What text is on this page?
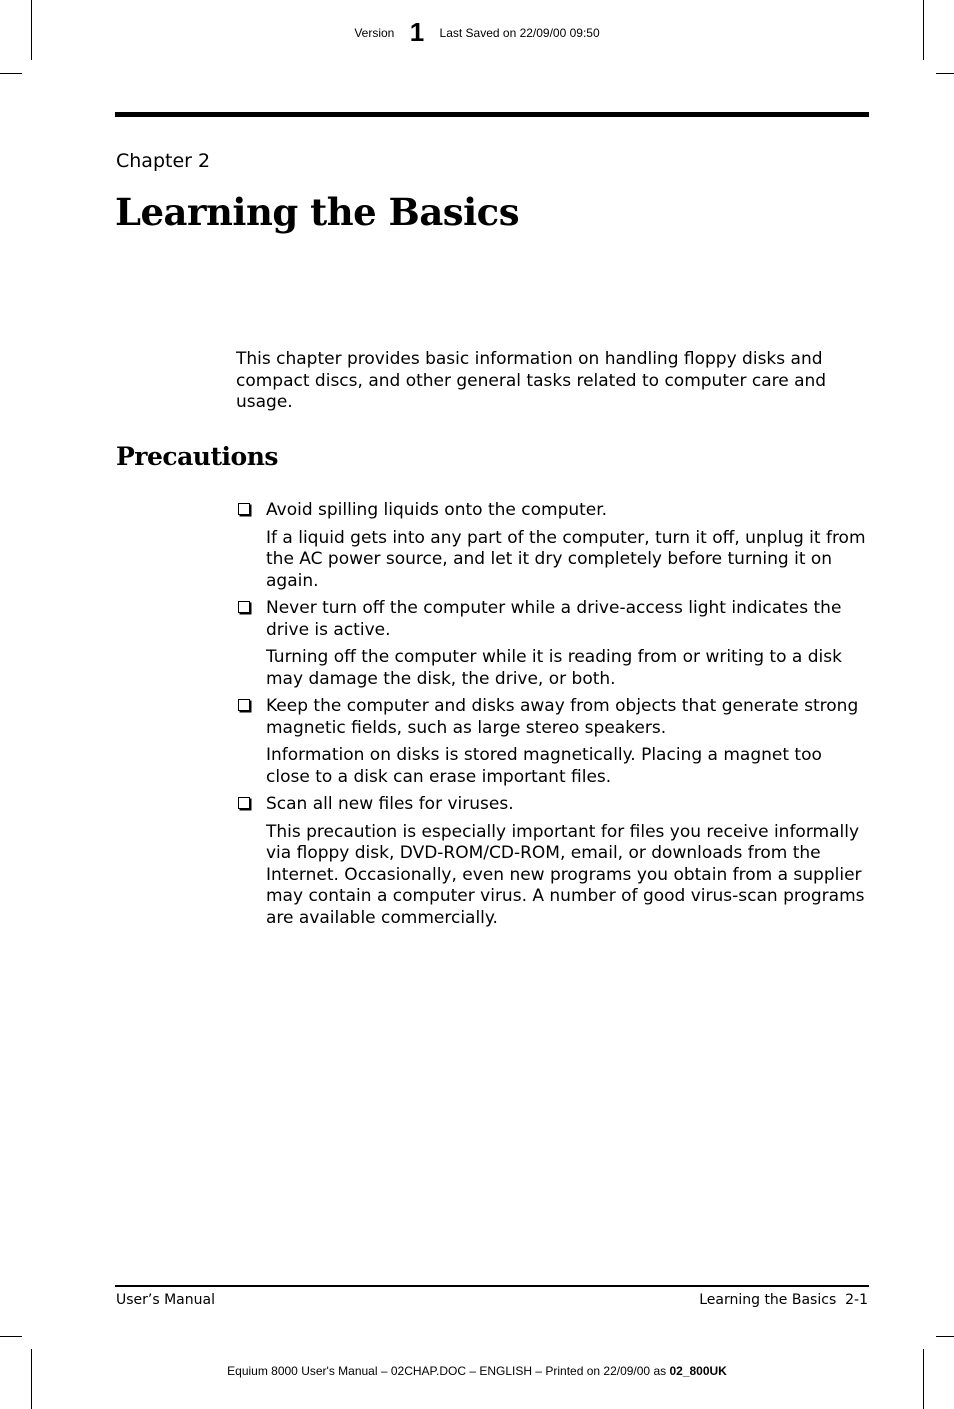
Version 1 Last Saved on 22/09/00 09:50
Chapter 2
Learning the Basics

This chapter provides basic information on handling floppy disks and compact discs, and other general tasks related to computer care and usage.

Precautions

Avoid spilling liquids onto the computer.

If a liquid gets into any part of the computer, turn it off, unplug it from the AC power source, and let it dry completely before turning it on again.

Never turn off the computer while a drive-access light indicates the drive is active.

Turning off the computer while it is reading from or writing to a disk may damage the disk, the drive, or both.

Keep the computer and disks away from objects that generate strong magnetic fields, such as large stereo speakers.

Information on disks is stored magnetically. Placing a magnet too close to a disk can erase important files.

Scan all new files for viruses.

This precaution is especially important for files you receive informally via floppy disk, DVD-ROM/CD-ROM, email, or downloads from the Internet. Occasionally, even new programs you obtain from a supplier may contain a computer virus. A number of good virus-scan programs are available commercially.

User’s Manual	Learning the Basics  2-1
Equium 8000 User's Manual – 02CHAP.DOC – ENGLISH – Printed on 22/09/00 as 02_800UK
